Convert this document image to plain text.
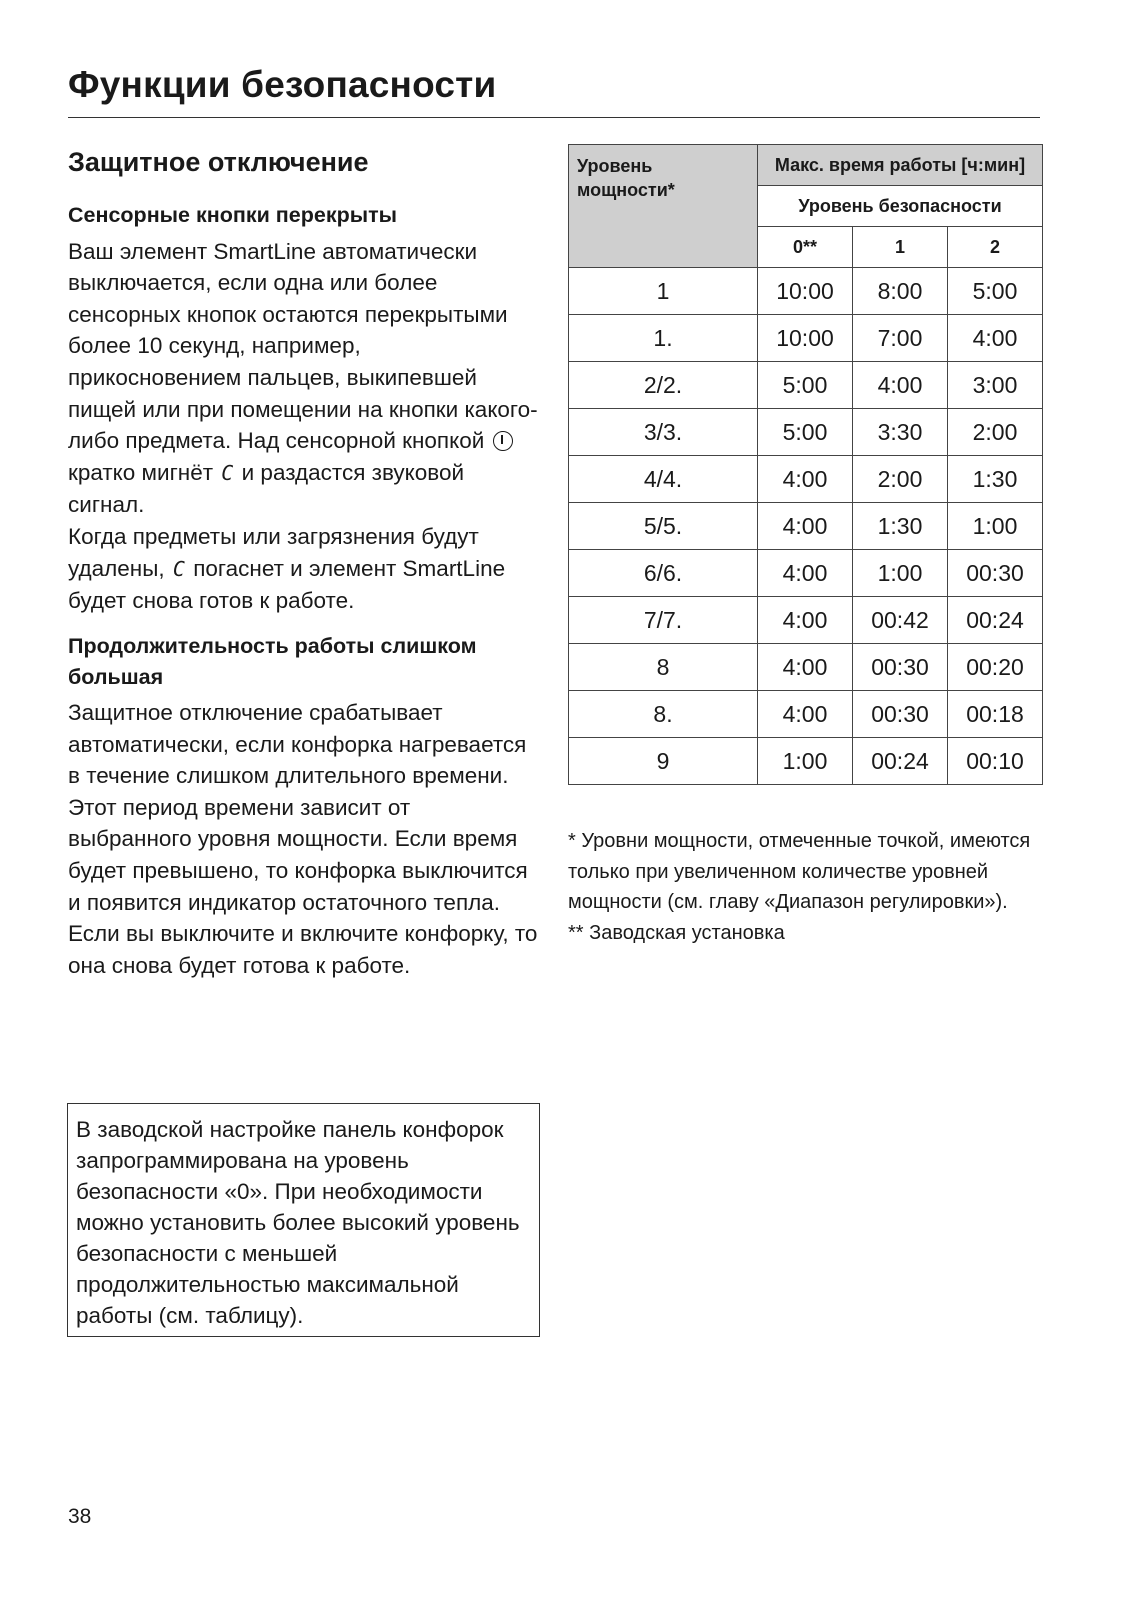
Функции безопасности
Защитное отключение
Сенсорные кнопки перекрыты

Ваш элемент SmartLine автоматически выключается, если одна или более сенсорных кнопок остаются перекрытыми более 10 секунд, например, прикосновением пальцев, выкипевшей пищей или при помещении на кнопки какого-либо предмета. Над сенсорной кнопкой  кратко мигнёт C и раздастся звуковой сигнал.

Когда предметы или загрязнения будут удалены, C погаснет и элемент SmartLine будет снова готов к работе.

Продолжительность работы слишком большая

Защитное отключение срабатывает автоматически, если конфорка нагревается в течение слишком длительного времени. Этот период времени зависит от выбранного уровня мощности. Если время будет превышено, то конфорка выключится и появится индикатор остаточного тепла. Если вы выключите и включите конфорку, то она снова будет готова к работе.

В заводской настройке панель конфорок запрограммирована на уровень безопасности «0». При необходимости можно установить более высокий уровень безопасности с меньшей продолжительностью максимальной работы (см. таблицу).

Уровень мощности*	Макс. время работы [ч:мин]		
	Уровень безопасности		
	0**	1	2
1	10:00	8:00	5:00
1.	10:00	7:00	4:00
2/2.	5:00	4:00	3:00
3/3.	5:00	3:30	2:00
4/4.	4:00	2:00	1:30
5/5.	4:00	1:30	1:00
6/6.	4:00	1:00	00:30
7/7.	4:00	00:42	00:24
8	4:00	00:30	00:20
8.	4:00	00:30	00:18
9	1:00	00:24	00:10

* Уровни мощности, отмеченные точкой, имеются только при увеличенном количестве уровней мощности (см. главу «Диапазон регулировки»).

** Заводская установка

38
